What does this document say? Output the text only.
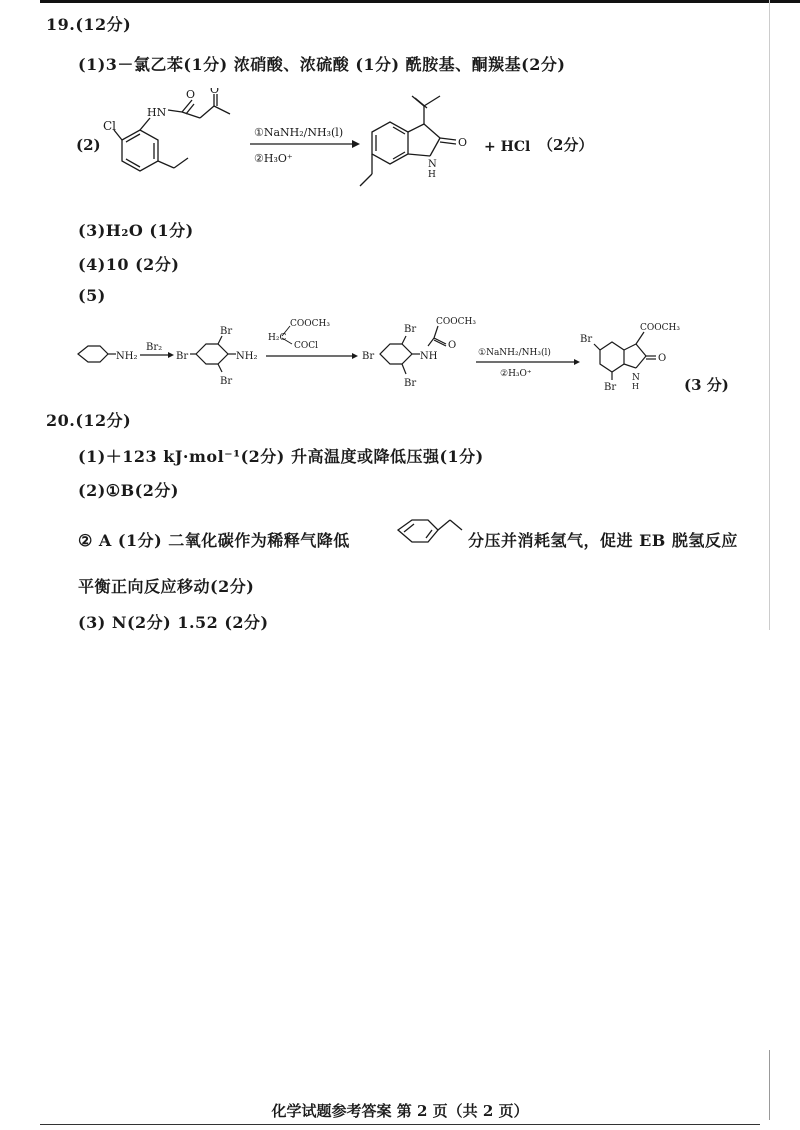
19.(12分)
(1)3－氯乙苯(1分) 浓硝酸、浓硫酸 (1分) 酰胺基、酮羰基(2分)
(2)
Cl
HN
O O
①NaNH₂/NH₃(l)
②H₃O⁺
O
N
H
+ HCl （2分）
(3)H₂O (1分)
(4)10 (2分)
(5)
NH₂
Br₂
Br
Br
Br
NH₂
COOCH₃
H₂C
COCl
Br
Br
Br
NH
O
COOCH₃
①NaNH₂/NH₃(l)
②H₃O⁺
Br
Br
COOCH₃
O
N
H	(3 分)
20.(12分)
(1)＋123 kJ·mol⁻¹(2分) 升高温度或降低压强(1分)
(2)①B(2分)
② A (1分) 二氧化碳作为稀释气降低	分压并消耗氢气，促进 EB 脱氢反应
平衡正向反应移动(2分)
(3) N(2分) 1.52 (2分)
化学试题参考答案 第 2 页（共 2 页）
